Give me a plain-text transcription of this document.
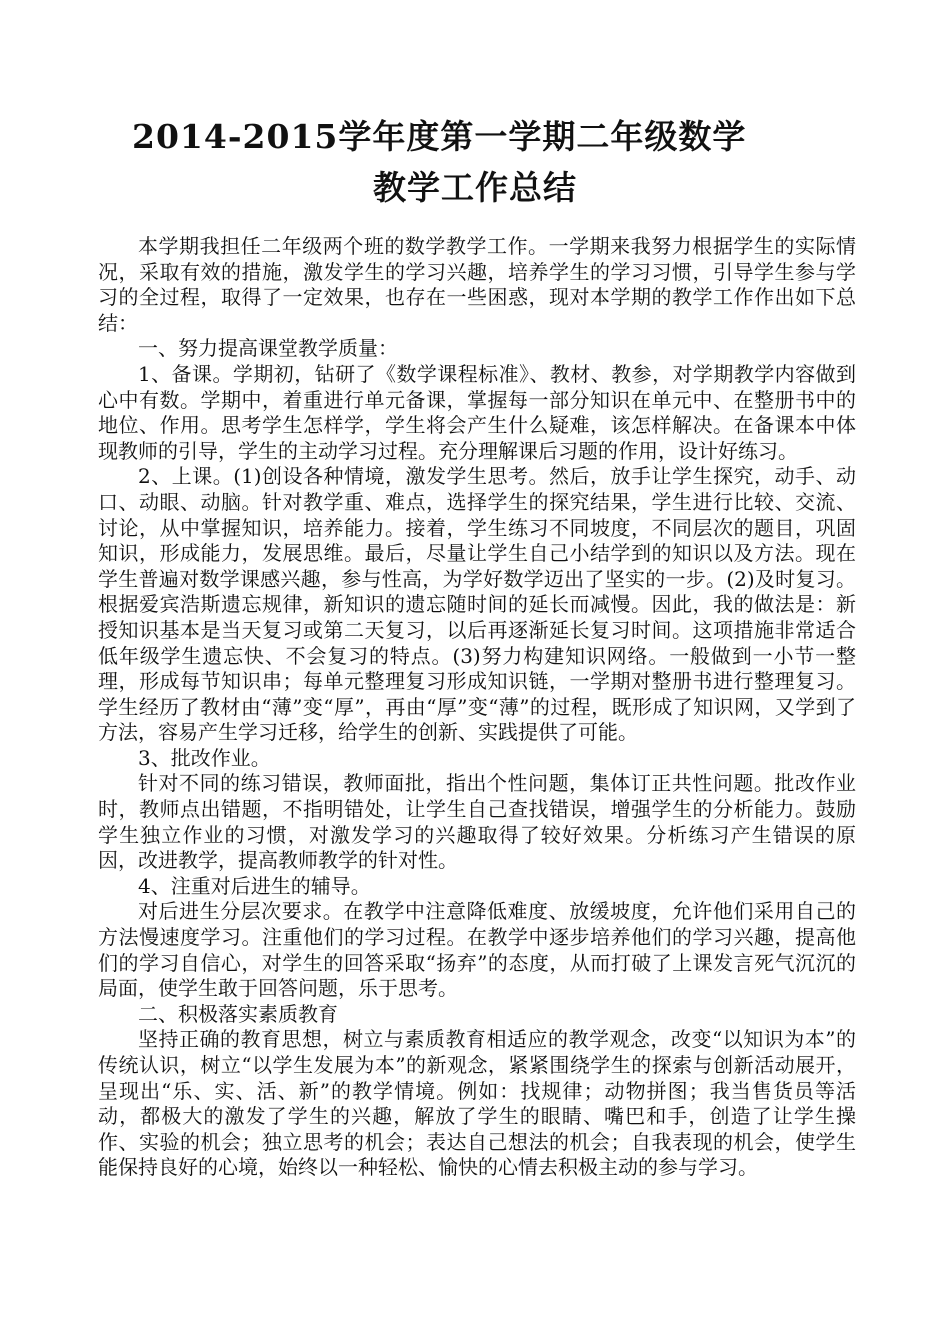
2014-2015学年度第一学期二年级数学
教学工作总结

本学期我担任二年级两个班的数学教学工作。一学期来我努力根据学生的实际情况，采取有效的措施，激发学生的学习兴趣，培养学生的学习习惯，引导学生参与学习的全过程，取得了一定效果，也存在一些困惑，现对本学期的教学工作作出如下总结：

一、努力提高课堂教学质量：

1、备课。学期初，钻研了《数学课程标准》、教材、教参，对学期教学内容做到心中有数。学期中，着重进行单元备课，掌握每一部分知识在单元中、在整册书中的地位、作用。思考学生怎样学，学生将会产生什么疑难，该怎样解决。在备课本中体现教师的引导，学生的主动学习过程。充分理解课后习题的作用，设计好练习。

2、上课。(1)创设各种情境，激发学生思考。然后，放手让学生探究，动手、动口、动眼、动脑。针对教学重、难点，选择学生的探究结果，学生进行比较、交流、讨论，从中掌握知识，培养能力。接着，学生练习不同坡度，不同层次的题目，巩固知识，形成能力，发展思维。最后，尽量让学生自己小结学到的知识以及方法。现在学生普遍对数学课感兴趣，参与性高，为学好数学迈出了坚实的一步。(2)及时复习。根据爱宾浩斯遗忘规律，新知识的遗忘随时间的延长而减慢。因此，我的做法是：新授知识基本是当天复习或第二天复习，以后再逐渐延长复习时间。这项措施非常适合低年级学生遗忘快、不会复习的特点。(3)努力构建知识网络。一般做到一小节一整理，形成每节知识串；每单元整理复习形成知识链，一学期对整册书进行整理复习。学生经历了教材由“薄”变“厚”，再由“厚”变“薄”的过程，既形成了知识网，又学到了方法，容易产生学习迁移，给学生的创新、实践提供了可能。

3、批改作业。

针对不同的练习错误，教师面批，指出个性问题，集体订正共性问题。批改作业时，教师点出错题，不指明错处，让学生自己查找错误，增强学生的分析能力。鼓励学生独立作业的习惯，对激发学习的兴趣取得了较好效果。分析练习产生错误的原因，改进教学，提高教师教学的针对性。

4、注重对后进生的辅导。

对后进生分层次要求。在教学中注意降低难度、放缓坡度，允许他们采用自己的方法慢速度学习。注重他们的学习过程。在教学中逐步培养他们的学习兴趣，提高他们的学习自信心，对学生的回答采取“扬弃”的态度，从而打破了上课发言死气沉沉的局面，使学生敢于回答问题，乐于思考。

二、积极落实素质教育

坚持正确的教育思想，树立与素质教育相适应的教学观念，改变“以知识为本”的传统认识，树立“以学生发展为本”的新观念，紧紧围绕学生的探索与创新活动展开，呈现出“乐、实、活、新”的教学情境。例如：找规律；动物拼图；我当售货员等活动，都极大的激发了学生的兴趣，解放了学生的眼睛、嘴巴和手，创造了让学生操作、实验的机会；独立思考的机会；表达自己想法的机会；自我表现的机会，使学生能保持良好的心境，始终以一种轻松、愉快的心情去积极主动的参与学习。
